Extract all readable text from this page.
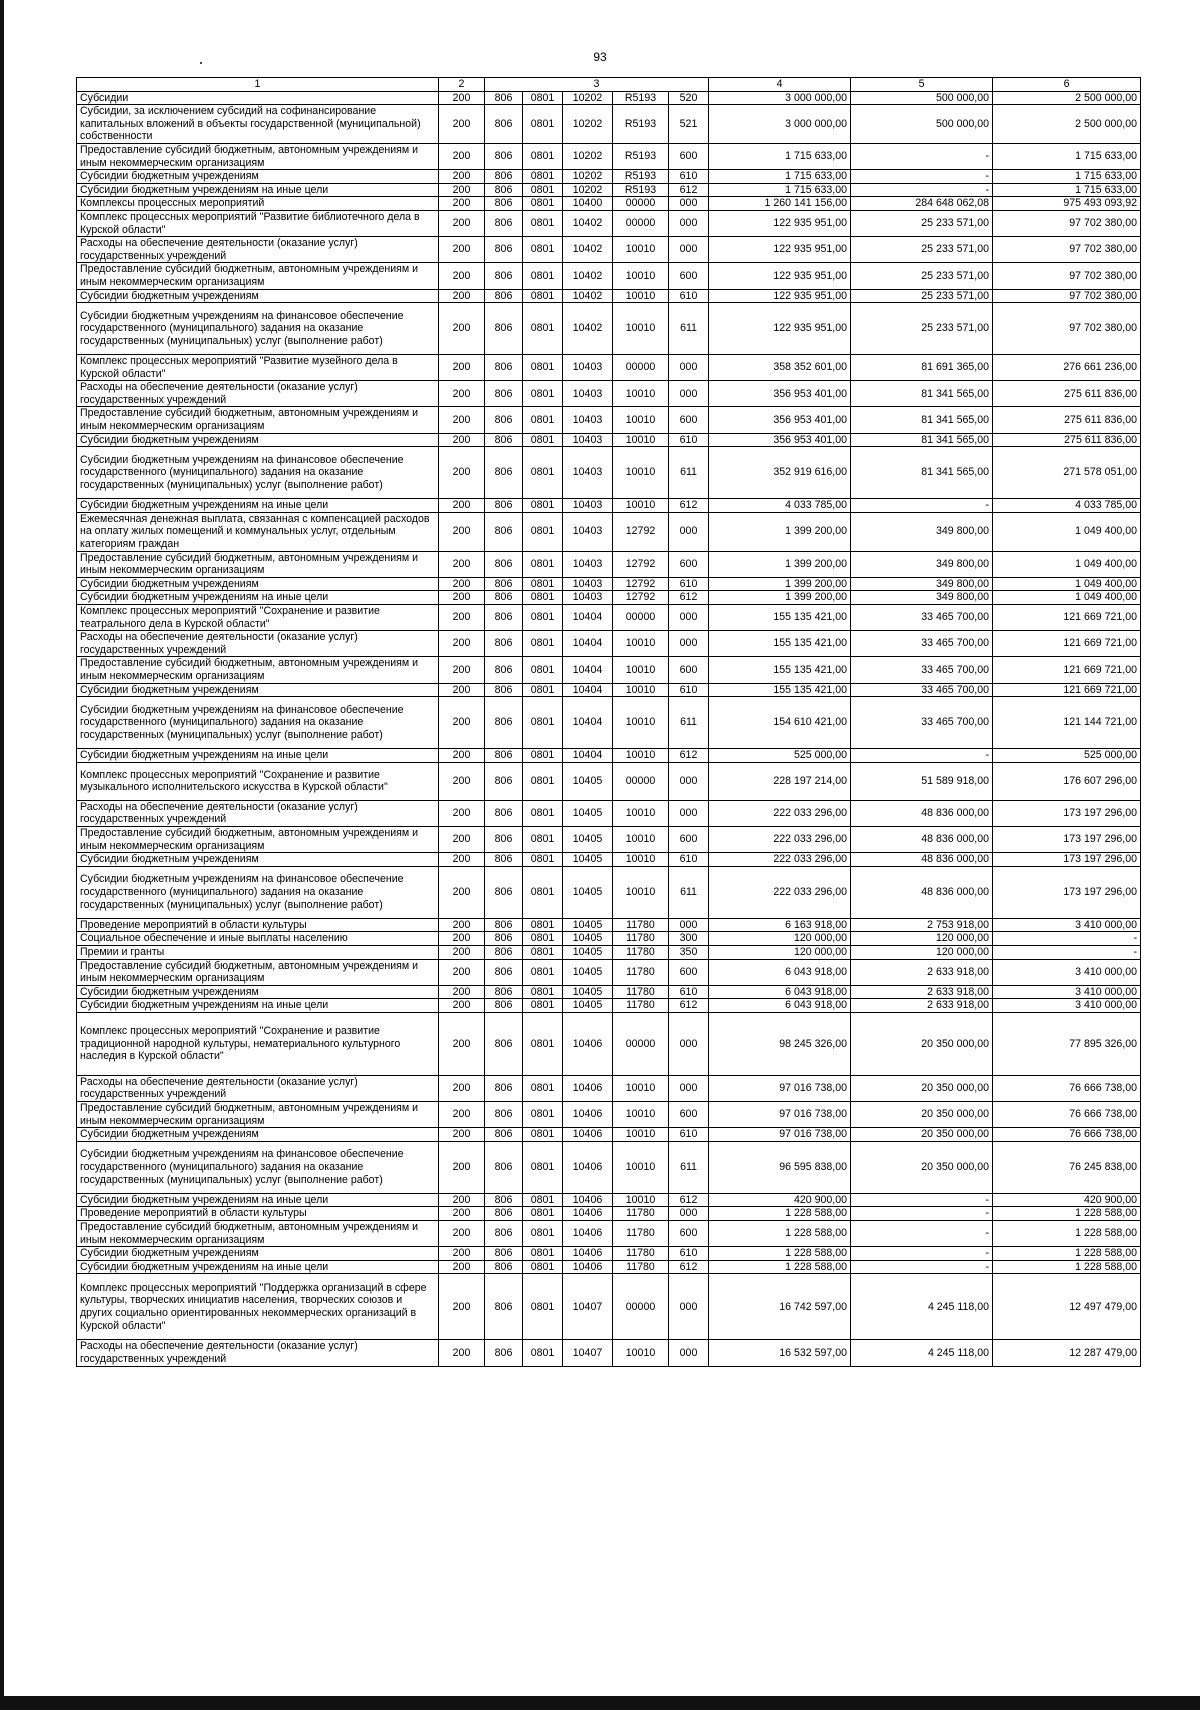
93
1	2	3					4	5	6
Субсидии	200	806	0801	10202	R5193	520	3 000 000,00	500 000,00	2 500 000,00
Субсидии, за исключением субсидий на софинансирование капитальных вложений в объекты государственной (муниципальной) собственности	200	806	0801	10202	R5193	521	3 000 000,00	500 000,00	2 500 000,00
Предоставление субсидий бюджетным, автономным учреждениям и иным некоммерческим организациям	200	806	0801	10202	R5193	600	1 715 633,00	-	1 715 633,00
Субсидии бюджетным учреждениям	200	806	0801	10202	R5193	610	1 715 633,00	-	1 715 633,00
Субсидии бюджетным учреждениям на иные цели	200	806	0801	10202	R5193	612	1 715 633,00	-	1 715 633,00
Комплексы процессных мероприятий	200	806	0801	10400	00000	000	1 260 141 156,00	284 648 062,08	975 493 093,92
Комплекс процессных мероприятий "Развитие библиотечного дела в Курской области"	200	806	0801	10402	00000	000	122 935 951,00	25 233 571,00	97 702 380,00
Расходы на обеспечение деятельности (оказание услуг) государственных учреждений	200	806	0801	10402	10010	000	122 935 951,00	25 233 571,00	97 702 380,00
Предоставление субсидий бюджетным, автономным учреждениям и иным некоммерческим организациям	200	806	0801	10402	10010	600	122 935 951,00	25 233 571,00	97 702 380,00
Субсидии бюджетным учреждениям	200	806	0801	10402	10010	610	122 935 951,00	25 233 571,00	97 702 380,00
Субсидии бюджетным учреждениям на финансовое обеспечение государственного (муниципального) задания на оказание государственных (муниципальных) услуг (выполнение работ)	200	806	0801	10402	10010	611	122 935 951,00	25 233 571,00	97 702 380,00
Комплекс процессных мероприятий "Развитие музейного дела в Курской области"	200	806	0801	10403	00000	000	358 352 601,00	81 691 365,00	276 661 236,00
Расходы на обеспечение деятельности (оказание услуг) государственных учреждений	200	806	0801	10403	10010	000	356 953 401,00	81 341 565,00	275 611 836,00
Предоставление субсидий бюджетным, автономным учреждениям и иным некоммерческим организациям	200	806	0801	10403	10010	600	356 953 401,00	81 341 565,00	275 611 836,00
Субсидии бюджетным учреждениям	200	806	0801	10403	10010	610	356 953 401,00	81 341 565,00	275 611 836,00
Субсидии бюджетным учреждениям на финансовое обеспечение государственного (муниципального) задания на оказание государственных (муниципальных) услуг (выполнение работ)	200	806	0801	10403	10010	611	352 919 616,00	81 341 565,00	271 578 051,00
Субсидии бюджетным учреждениям на иные цели	200	806	0801	10403	10010	612	4 033 785,00	-	4 033 785,00
Ежемесячная денежная выплата, связанная с компенсацией расходов на оплату жилых помещений и коммунальных услуг, отдельным категориям граждан	200	806	0801	10403	12792	000	1 399 200,00	349 800,00	1 049 400,00
Предоставление субсидий бюджетным, автономным учреждениям и иным некоммерческим организациям	200	806	0801	10403	12792	600	1 399 200,00	349 800,00	1 049 400,00
Субсидии бюджетным учреждениям	200	806	0801	10403	12792	610	1 399 200,00	349 800,00	1 049 400,00
Субсидии бюджетным учреждениям на иные цели	200	806	0801	10403	12792	612	1 399 200,00	349 800,00	1 049 400,00
Комплекс процессных мероприятий "Сохранение и развитие театрального дела в Курской области"	200	806	0801	10404	00000	000	155 135 421,00	33 465 700,00	121 669 721,00
Расходы на обеспечение деятельности (оказание услуг) государственных учреждений	200	806	0801	10404	10010	000	155 135 421,00	33 465 700,00	121 669 721,00
Предоставление субсидий бюджетным, автономным учреждениям и иным некоммерческим организациям	200	806	0801	10404	10010	600	155 135 421,00	33 465 700,00	121 669 721,00
Субсидии бюджетным учреждениям	200	806	0801	10404	10010	610	155 135 421,00	33 465 700,00	121 669 721,00
Субсидии бюджетным учреждениям на финансовое обеспечение государственного (муниципального) задания на оказание государственных (муниципальных) услуг (выполнение работ)	200	806	0801	10404	10010	611	154 610 421,00	33 465 700,00	121 144 721,00
Субсидии бюджетным учреждениям на иные цели	200	806	0801	10404	10010	612	525 000,00	-	525 000,00
Комплекс процессных мероприятий "Сохранение и развитие музыкального исполнительского искусства в Курской области"	200	806	0801	10405	00000	000	228 197 214,00	51 589 918,00	176 607 296,00
Расходы на обеспечение деятельности (оказание услуг) государственных учреждений	200	806	0801	10405	10010	000	222 033 296,00	48 836 000,00	173 197 296,00
Предоставление субсидий бюджетным, автономным учреждениям и иным некоммерческим организациям	200	806	0801	10405	10010	600	222 033 296,00	48 836 000,00	173 197 296,00
Субсидии бюджетным учреждениям	200	806	0801	10405	10010	610	222 033 296,00	48 836 000,00	173 197 296,00
Субсидии бюджетным учреждениям на финансовое обеспечение государственного (муниципального) задания на оказание государственных (муниципальных) услуг (выполнение работ)	200	806	0801	10405	10010	611	222 033 296,00	48 836 000,00	173 197 296,00
Проведение мероприятий в области культуры	200	806	0801	10405	11780	000	6 163 918,00	2 753 918,00	3 410 000,00
Социальное обеспечение и иные выплаты населению	200	806	0801	10405	11780	300	120 000,00	120 000,00	-
Премии и гранты	200	806	0801	10405	11780	350	120 000,00	120 000,00	-
Предоставление субсидий бюджетным, автономным учреждениям и иным некоммерческим организациям	200	806	0801	10405	11780	600	6 043 918,00	2 633 918,00	3 410 000,00
Субсидии бюджетным учреждениям	200	806	0801	10405	11780	610	6 043 918,00	2 633 918,00	3 410 000,00
Субсидии бюджетным учреждениям на иные цели	200	806	0801	10405	11780	612	6 043 918,00	2 633 918,00	3 410 000,00
Комплекс процессных мероприятий "Сохранение и развитие традиционной народной культуры, нематериального культурного наследия в Курской области"	200	806	0801	10406	00000	000	98 245 326,00	20 350 000,00	77 895 326,00
Расходы на обеспечение деятельности (оказание услуг) государственных учреждений	200	806	0801	10406	10010	000	97 016 738,00	20 350 000,00	76 666 738,00
Предоставление субсидий бюджетным, автономным учреждениям и иным некоммерческим организациям	200	806	0801	10406	10010	600	97 016 738,00	20 350 000,00	76 666 738,00
Субсидии бюджетным учреждениям	200	806	0801	10406	10010	610	97 016 738,00	20 350 000,00	76 666 738,00
Субсидии бюджетным учреждениям на финансовое обеспечение государственного (муниципального) задания на оказание государственных (муниципальных) услуг (выполнение работ)	200	806	0801	10406	10010	611	96 595 838,00	20 350 000,00	76 245 838,00
Субсидии бюджетным учреждениям на иные цели	200	806	0801	10406	10010	612	420 900,00	-	420 900,00
Проведение мероприятий в области культуры	200	806	0801	10406	11780	000	1 228 588,00	-	1 228 588,00
Предоставление субсидий бюджетным, автономным учреждениям и иным некоммерческим организациям	200	806	0801	10406	11780	600	1 228 588,00	-	1 228 588,00
Субсидии бюджетным учреждениям	200	806	0801	10406	11780	610	1 228 588,00	-	1 228 588,00
Субсидии бюджетным учреждениям на иные цели	200	806	0801	10406	11780	612	1 228 588,00	-	1 228 588,00
Комплекс процессных мероприятий "Поддержка организаций в сфере культуры, творческих инициатив населения, творческих союзов и других социально ориентированных некоммерческих организаций в Курской области"	200	806	0801	10407	00000	000	16 742 597,00	4 245 118,00	12 497 479,00
Расходы на обеспечение деятельности (оказание услуг) государственных учреждений	200	806	0801	10407	10010	000	16 532 597,00	4 245 118,00	12 287 479,00
